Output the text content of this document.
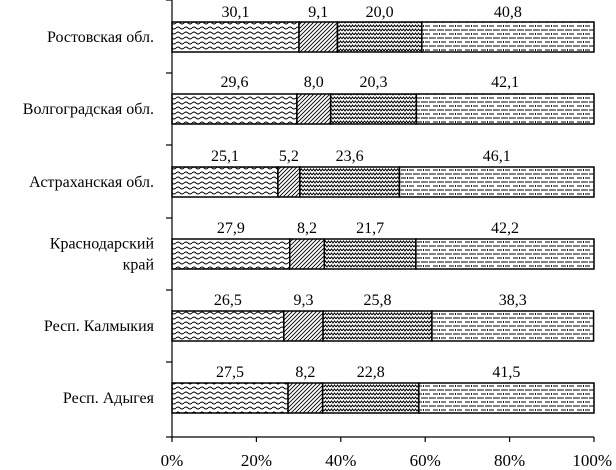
Ростовская обл.
Волгоградская обл.
Астраханская обл.
Краснодарский
край
Респ. Калмыкия
Респ. Адыгея
30,1	9,1 20,0	40,8
29,6	8,0 20,3	42,1
25,1 5,2 23,6	46,1
27,9	8,2 21,7	42,2
26,5	9,3	25,8	38,3
27,5	8,2	22,8	41,5
0%	20%	40%	60%	80%	100%
